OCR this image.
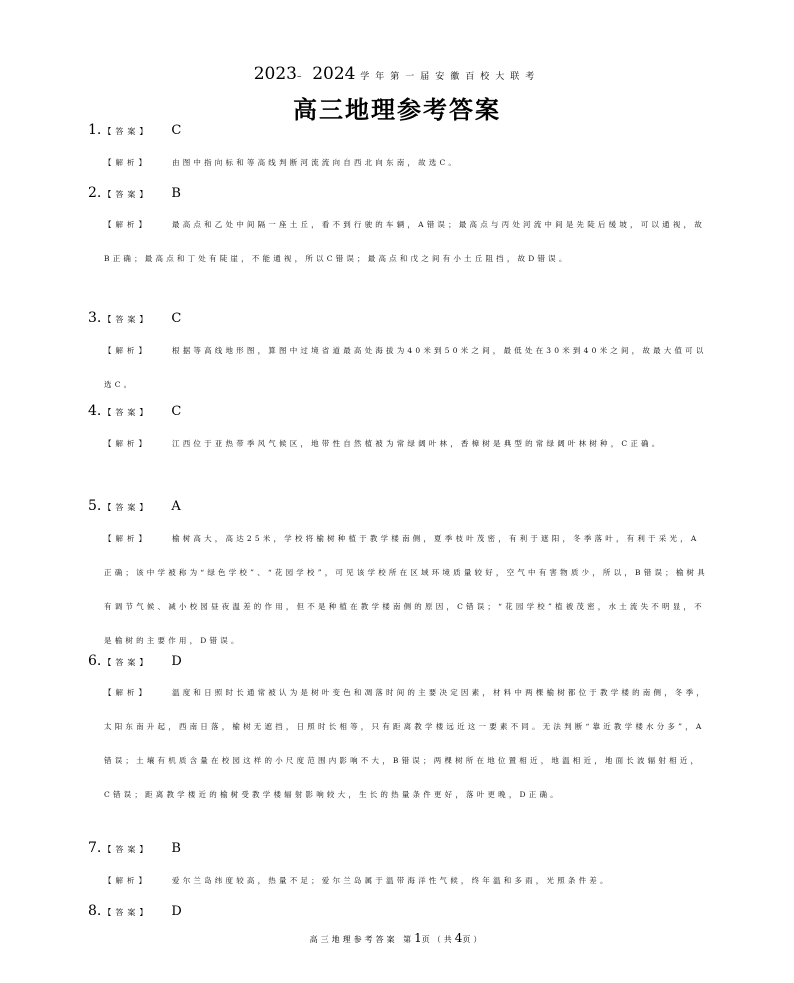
2023– 2024 学年第一届安徽百校大联考
高三地理参考答案
1. 【答案】 C
【解析】	由图中指向标和等高线判断河流流向自西北向东南，故选C。
2. 【答案】 B
【解析】	最高点和乙处中间隔一座土丘，看不到行驶的车辆，A错误；最高点与丙处河流中间是先陡后缓坡，可以通视，故B正确；最高点和丁处有陡崖，不能通视，所以C错误；最高点和戊之间有小土丘阻挡，故D错误。
3. 【答案】 C
【解析】	根据等高线地形图，算图中过境省道最高处海拔为40米到50米之间，最低处在30米到40米之间，故最大值可以选C。
4. 【答案】 C
【解析】	江西位于亚热带季风气候区，地带性自然植被为常绿阔叶林，香樟树是典型的常绿阔叶林树种，C正确。
5. 【答案】 A
【解析】	榆树高大，高达25米，学校将榆树种植于教学楼南侧，夏季枝叶茂密，有利于遮阳，冬季落叶，有利于采光，A正确；该中学被称为“绿色学校”、“花园学校”，可见该学校所在区域环境质量较好，空气中有害物质少，所以，B错误；榆树具有调节气候、减小校园昼夜温差的作用，但不是种植在教学楼南侧的原因，C错误；“花园学校”植被茂密，水土流失不明显，不是榆树的主要作用，D错误。
6. 【答案】 D
【解析】	温度和日照时长通常被认为是树叶变色和凋落时间的主要决定因素，材料中两棵榆树都位于教学楼的南侧，冬季，太阳东南升起，西南日落，榆树无遮挡，日照时长相等，只有距离教学楼远近这一要素不同。无法判断“靠近教学楼水分多”，A错误；土壤有机质含量在校园这样的小尺度范围内影响不大，B错误；两棵树所在地位置相近，地温相近，地面长波辐射相近，C错误；距离教学楼近的榆树受教学楼辐射影响较大，生长的热量条件更好，落叶更晚，D正确。
7. 【答案】 B
【解析】	爱尔兰岛纬度较高，热量不足；爱尔兰岛属于温带海洋性气候，终年温和多雨，光照条件差。
8. 【答案】 D
高三地理参考答案 第1页（共4页）
